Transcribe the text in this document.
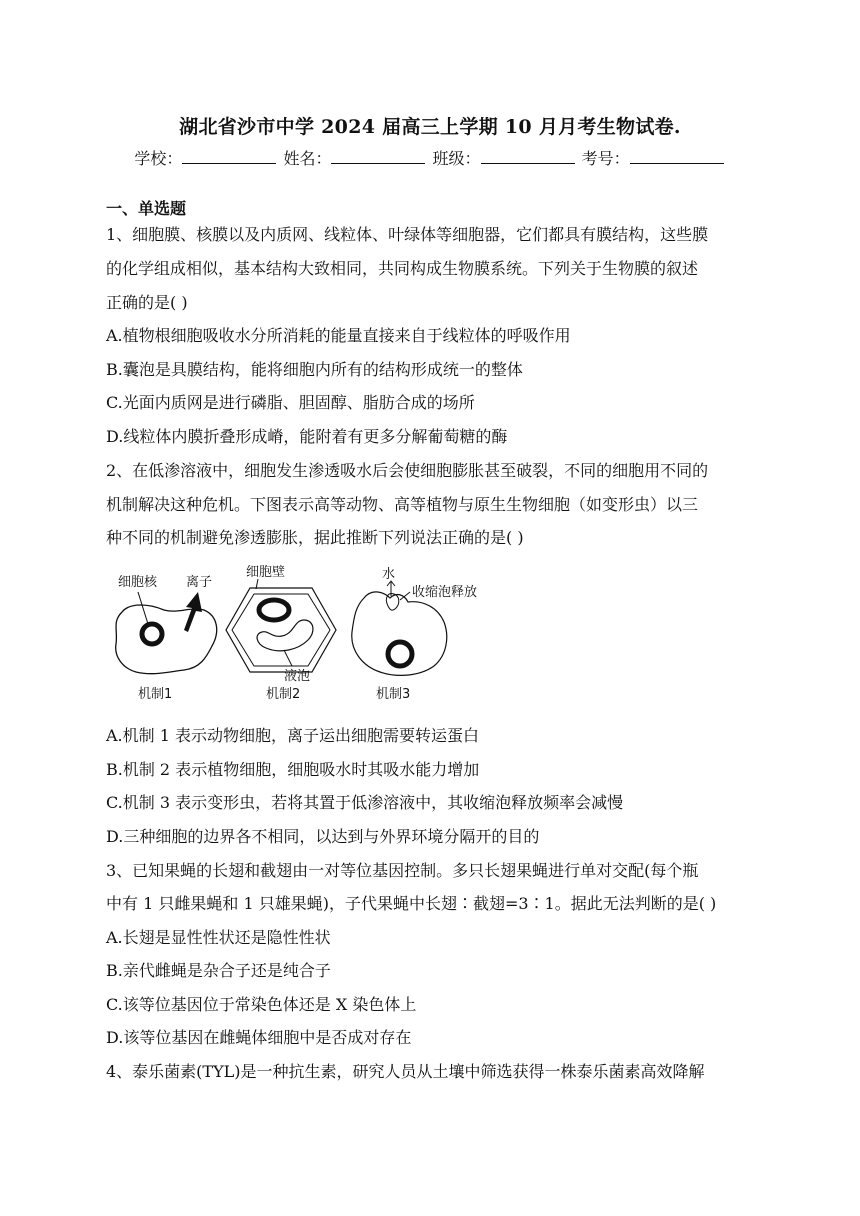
湖北省沙市中学 2024 届高三上学期 10 月月考生物试卷.
学校：	姓名：	班级：	考号：
一、单选题
1、细胞膜、核膜以及内质网、线粒体、叶绿体等细胞器，它们都具有膜结构，这些膜
的化学组成相似，基本结构大致相同，共同构成生物膜系统。下列关于生物膜的叙述
正确的是( )
A.植物根细胞吸收水分所消耗的能量直接来自于线粒体的呼吸作用
B.囊泡是具膜结构，能将细胞内所有的结构形成统一的整体
C.光面内质网是进行磷脂、胆固醇、脂肪合成的场所
D.线粒体内膜折叠形成嵴，能附着有更多分解葡萄糖的酶
2、在低渗溶液中，细胞发生渗透吸水后会使细胞膨胀甚至破裂，不同的细胞用不同的
机制解决这种危机。下图表示高等动物、高等植物与原生生物细胞（如变形虫）以三
种不同的机制避免渗透膨胀，据此推断下列说法正确的是( )
细胞核 离子
机制1
细胞壁
液泡
机制2
水
收缩泡释放
机制3
A.机制 1 表示动物细胞，离子运出细胞需要转运蛋白
B.机制 2 表示植物细胞，细胞吸水时其吸水能力增加
C.机制 3 表示变形虫，若将其置于低渗溶液中，其收缩泡释放频率会减慢
D.三种细胞的边界各不相同，以达到与外界环境分隔开的目的
3、已知果蝇的长翅和截翅由一对等位基因控制。多只长翅果蝇进行单对交配(每个瓶
中有 1 只雌果蝇和 1 只雄果蝇)，子代果蝇中长翅∶截翅=3∶1。据此无法判断的是( )
A.长翅是显性性状还是隐性性状
B.亲代雌蝇是杂合子还是纯合子
C.该等位基因位于常染色体还是 X 染色体上
D.该等位基因在雌蝇体细胞中是否成对存在
4、泰乐菌素(TYL)是一种抗生素，研究人员从土壤中筛选获得一株泰乐菌素高效降解
